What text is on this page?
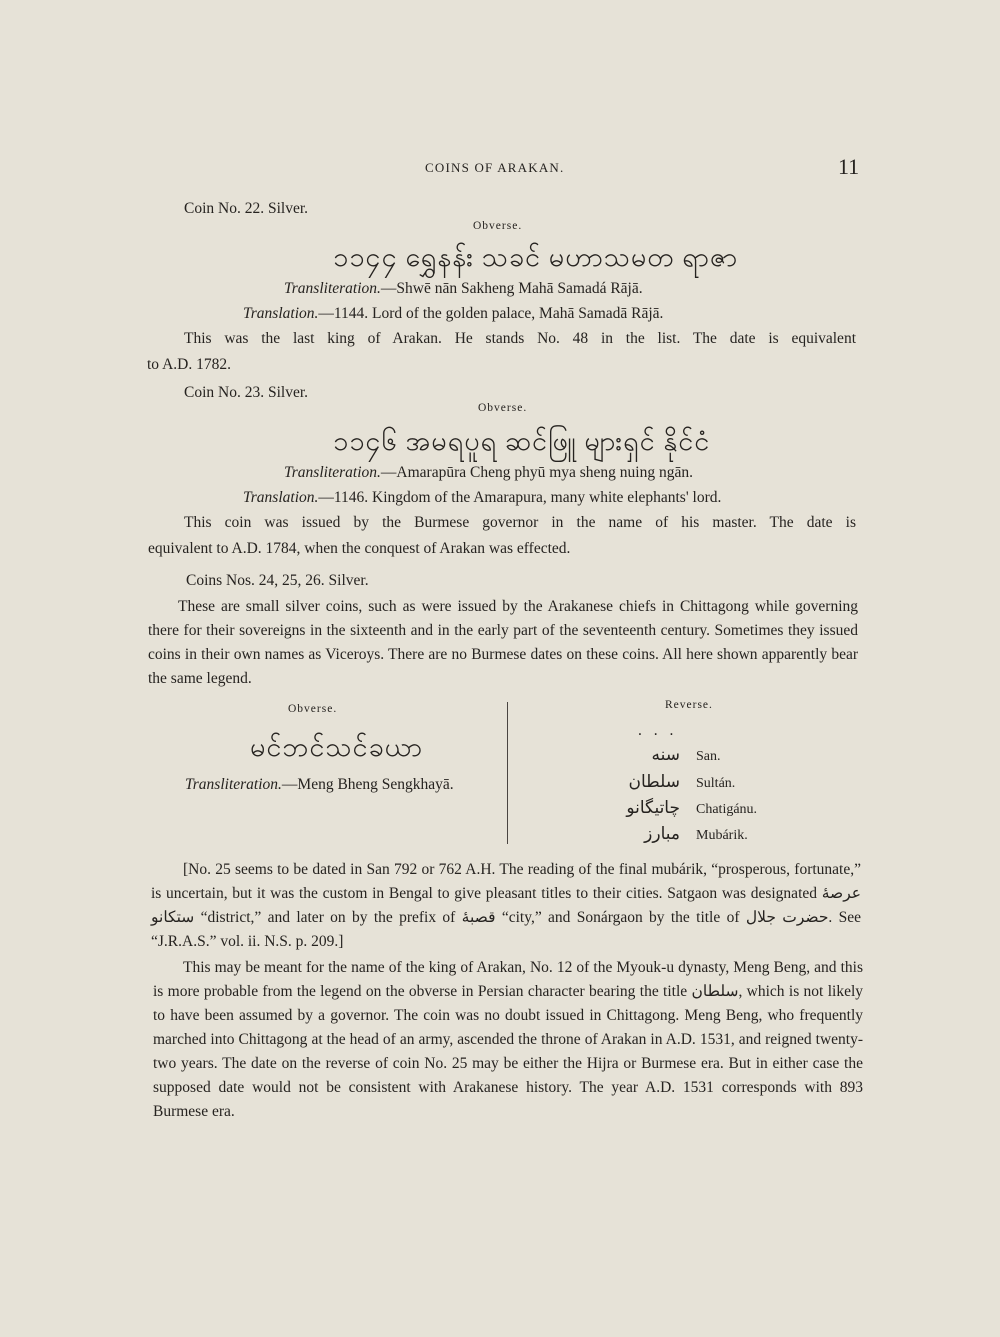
COINS OF ARAKAN.	11
Coin No. 22. Silver.
Obverse.
၁၁၄၄ ရွှေနန်း သခင် မဟာသမတ ရာဇာ
Transliteration.—Shwē nān Sakheng Mahā Samadá Rājā.
Translation.—1144. Lord of the golden palace, Mahā Samadā Rājā.
This was the last king of Arakan. He stands No. 48 in the list. The date is equivalent
to A.D. 1782.
Coin No. 23. Silver.
Obverse.
၁၁၄၆ အမရပူရ ဆင်ဖြူ များရှင် နိုင်ငံ
Transliteration.—Amarapūra Cheng phyū mya sheng nuing ngān.
Translation.—1146. Kingdom of the Amarapura, many white elephants' lord.
This coin was issued by the Burmese governor in the name of his master. The date is
equivalent to A.D. 1784, when the conquest of Arakan was effected.
Coins Nos. 24, 25, 26. Silver.
These are small silver coins, such as were issued by the Arakanese chiefs in Chittagong while governing there for their sovereigns in the sixteenth and in the early part of the seventeenth century. Sometimes they issued coins in their own names as Viceroys. There are no Burmese dates on these coins. All here shown apparently bear the same legend.
Obverse.
မင်ဘင်သင်ခယာ
Transliteration.—Meng Bheng Sengkhayā.
Reverse.
. . .
سنه San.
سلطان Sultán.
چاتیگانو Chatigánu.
مبارز Mubárik.
[No. 25 seems to be dated in San 792 or 762 A.H. The reading of the final mubárik, “prosperous, fortunate,” is uncertain, but it was the custom in Bengal to give pleasant titles to their cities. Satgaon was designated عرصهٔ ستکانو “district,” and later on by the prefix of قصبهٔ “city,” and Sonárgaon by the title of حضرت جلال. See “J.R.A.S.” vol. ii. N.S. p. 209.]
This may be meant for the name of the king of Arakan, No. 12 of the Myouk-u dynasty, Meng Beng, and this is more probable from the legend on the obverse in Persian character bearing the title سلطان, which is not likely to have been assumed by a governor. The coin was no doubt issued in Chittagong. Meng Beng, who frequently marched into Chittagong at the head of an army, ascended the throne of Arakan in A.D. 1531, and reigned twenty-two years. The date on the reverse of coin No. 25 may be either the Hijra or Burmese era. But in either case the supposed date would not be consistent with Arakanese history. The year A.D. 1531 corresponds with 893 Burmese era.
